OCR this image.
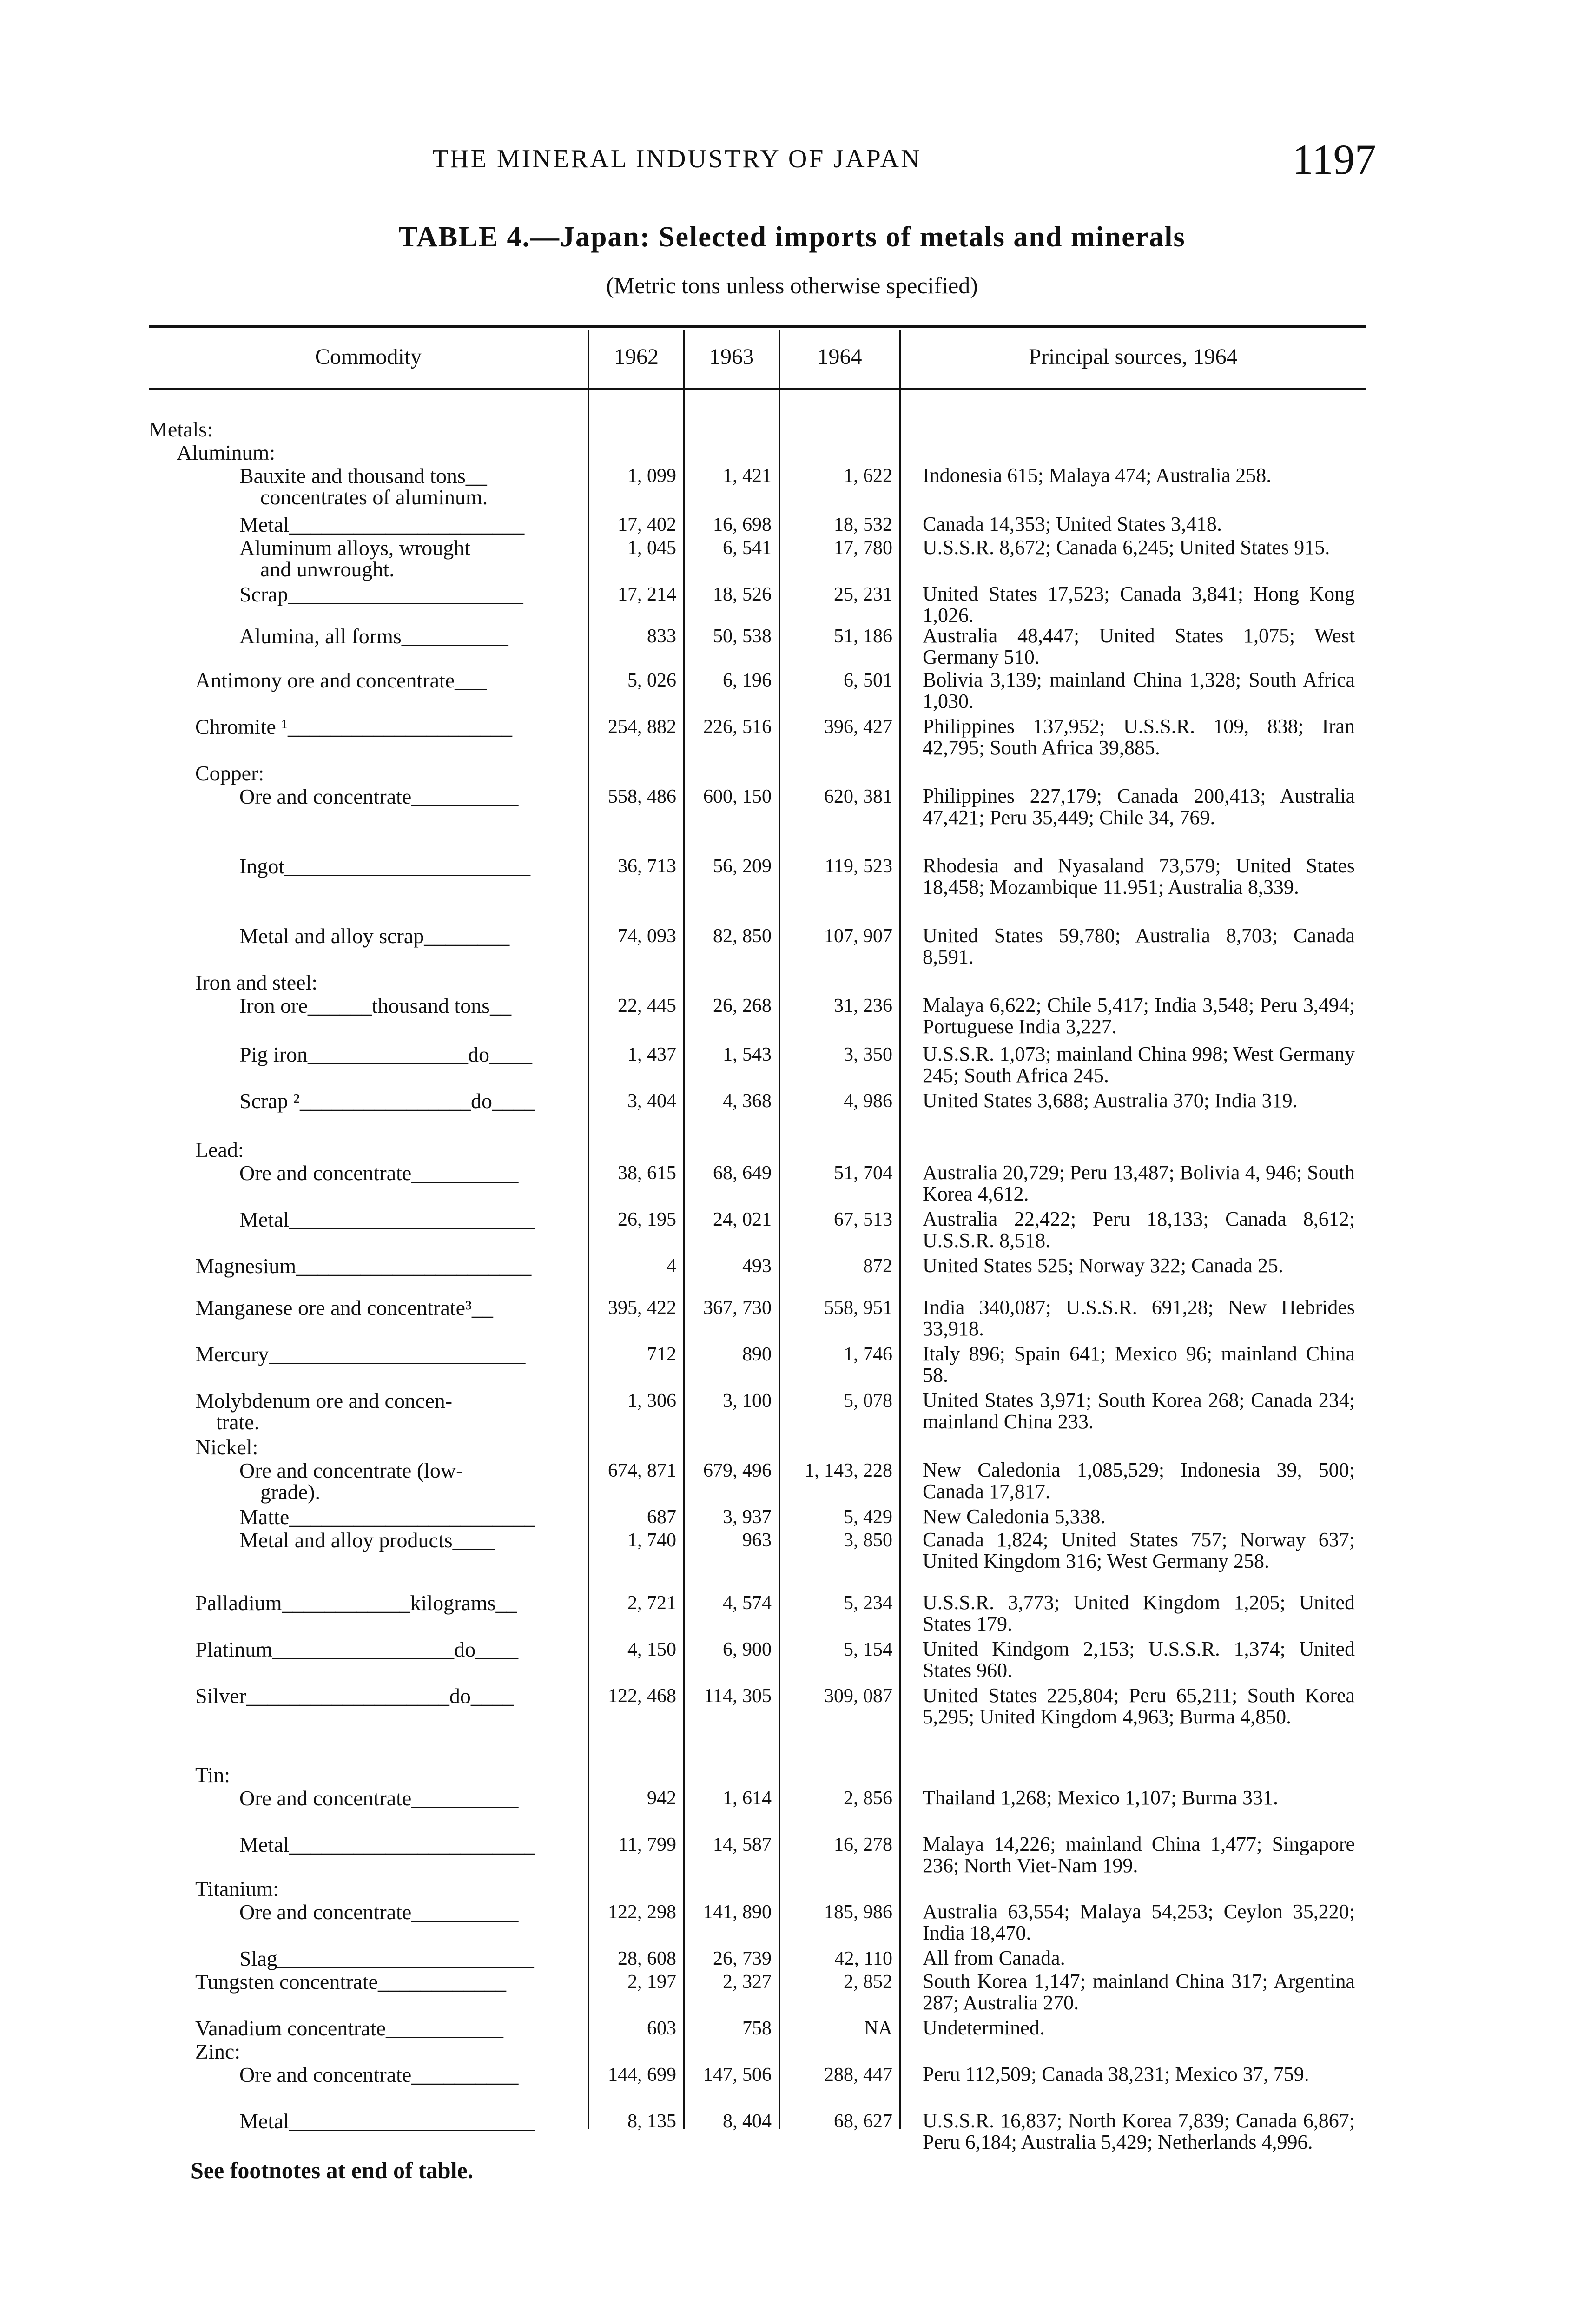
THE MINERAL INDUSTRY OF JAPAN	1197
TABLE 4.—Japan: Selected imports of metals and minerals
(Metric tons unless otherwise specified)
Commodity	1962	1963	1964	Principal sources, 1964
Metals:
Aluminum:
Bauxite and thousand tons__
concentrates of aluminum.
1, 099	1, 421	1, 622 Indonesia 615; Malaya 474; Australia 258.
Metal______________________	17, 402	16, 698	18, 532 Canada 14,353; United States 3,418.
Aluminum alloys, wrought
and unwrought.
1, 045	6, 541	17, 780 U.S.S.R. 8,672; Canada 6,245; United States 915.
Scrap______________________	17, 214	18, 526	25, 231 United States 17,523; Canada 3,841; Hong Kong 1,026.
Alumina, all forms__________	833	50, 538	51, 186 Australia 48,447; United States 1,075; West Germany 510.
Antimony ore and concentrate___	5, 026	6, 196	6, 501 Bolivia 3,139; mainland China 1,328; South Africa 1,030.
Chromite ¹_____________________	254, 882	226, 516	396, 427 Philippines 137,952; U.S.S.R. 109, 838; Iran 42,795; South Africa 39,885.
Copper:
Ore and concentrate__________	558, 486	600, 150	620, 381 Philippines 227,179; Canada 200,413; Australia 47,421; Peru 35,449; Chile 34, 769.
Ingot_______________________	36, 713	56, 209	119, 523 Rhodesia and Nyasaland 73,579; United States 18,458; Mozambique 11.951; Australia 8,339.
Metal and alloy scrap________	74, 093	82, 850	107, 907 United States 59,780; Australia 8,703; Canada 8,591.
Iron and steel:
Iron ore______thousand tons__	22, 445	26, 268	31, 236 Malaya 6,622; Chile 5,417; India 3,548; Peru 3,494; Portuguese India 3,227.
Pig iron_______________do____	1, 437	1, 543	3, 350 U.S.S.R. 1,073; mainland China 998; West Germany 245; South Africa 245.
Scrap ²________________do____	3, 404	4, 368	4, 986 United States 3,688; Australia 370; India 319.
Lead:
Ore and concentrate__________	38, 615	68, 649	51, 704 Australia 20,729; Peru 13,487; Bolivia 4, 946; South Korea 4,612.
Metal_______________________	26, 195	24, 021	67, 513 Australia 22,422; Peru 18,133; Canada 8,612; U.S.S.R. 8,518.
Magnesium______________________	4	493	872 United States 525; Norway 322; Canada 25.
Manganese ore and concentrate³__	395, 422	367, 730	558, 951 India 340,087; U.S.S.R. 691,28; New Hebrides 33,918.
Mercury________________________	712	890	1, 746 Italy 896; Spain 641; Mexico 96; mainland China 58.
Molybdenum ore and concen-
trate.
1, 306	3, 100	5, 078 United States 3,971; South Korea 268; Canada 234; mainland China 233.
Nickel:
Ore and concentrate (low-
grade).
674, 871	679, 496	1, 143, 228 New Caledonia 1,085,529; Indonesia 39, 500; Canada 17,817.
Matte_______________________	687	3, 937	5, 429 New Caledonia 5,338.
Metal and alloy products____	1, 740	963	3, 850 Canada 1,824; United States 757; Norway 637; United Kingdom 316; West Germany 258.
Palladium____________kilograms__	2, 721	4, 574	5, 234 U.S.S.R. 3,773; United Kingdom 1,205; United States 179.
Platinum_________________do____	4, 150	6, 900	5, 154 United Kindgom 2,153; U.S.S.R. 1,374; United States 960.
Silver___________________do____	122, 468	114, 305	309, 087 United States 225,804; Peru 65,211; South Korea 5,295; United Kingdom 4,963; Burma 4,850.
Tin:
Ore and concentrate__________	942	1, 614	2, 856 Thailand 1,268; Mexico 1,107; Burma 331.
Metal_______________________	11, 799	14, 587	16, 278 Malaya 14,226; mainland China 1,477; Singapore 236; North Viet-Nam 199.
Titanium:
Ore and concentrate__________	122, 298	141, 890	185, 986 Australia 63,554; Malaya 54,253; Ceylon 35,220; India 18,470.
Slag________________________	28, 608	26, 739	42, 110 All from Canada.
Tungsten concentrate____________	2, 197	2, 327	2, 852 South Korea 1,147; mainland China 317; Argentina 287; Australia 270.
Vanadium concentrate___________	603	758	NA Undetermined.
Zinc:
Ore and concentrate__________	144, 699	147, 506	288, 447 Peru 112,509; Canada 38,231; Mexico 37, 759.
Metal_______________________	8, 135	8, 404	68, 627 U.S.S.R. 16,837; North Korea 7,839; Canada 6,867; Peru 6,184; Australia 5,429; Netherlands 4,996.
See footnotes at end of table.
